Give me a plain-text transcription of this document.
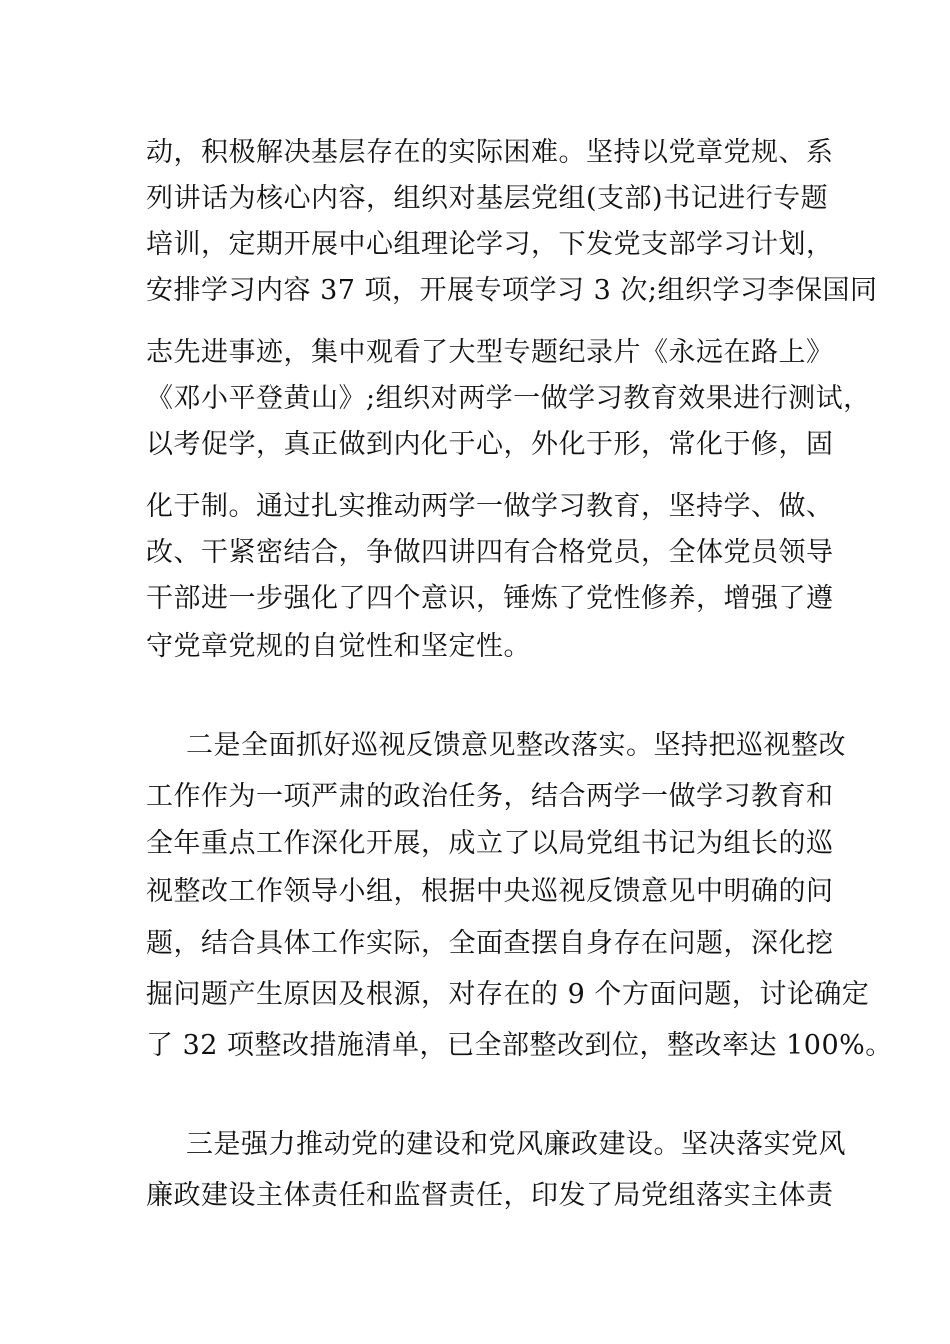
动，积极解决基层存在的实际困难。坚持以党章党规、系
列讲话为核心内容，组织对基层党组(支部)书记进行专题
培训，定期开展中心组理论学习，下发党支部学习计划，
安排学习内容 37 项，开展专项学习 3 次;组织学习李保国同
志先进事迹，集中观看了大型专题纪录片《永远在路上》
《邓小平登黄山》;组织对两学一做学习教育效果进行测试，
以考促学，真正做到内化于心，外化于形，常化于修，固
化于制。通过扎实推动两学一做学习教育，坚持学、做、
改、干紧密结合，争做四讲四有合格党员，全体党员领导
干部进一步强化了四个意识，锤炼了党性修养，增强了遵
守党章党规的自觉性和坚定性。
二是全面抓好巡视反馈意见整改落实。坚持把巡视整改
工作作为一项严肃的政治任务，结合两学一做学习教育和
全年重点工作深化开展，成立了以局党组书记为组长的巡
视整改工作领导小组，根据中央巡视反馈意见中明确的问
题，结合具体工作实际，全面查摆自身存在问题，深化挖
掘问题产生原因及根源，对存在的 9 个方面问题，讨论确定
了 32 项整改措施清单，已全部整改到位，整改率达 100%。
三是强力推动党的建设和党风廉政建设。坚决落实党风
廉政建设主体责任和监督责任，印发了局党组落实主体责
